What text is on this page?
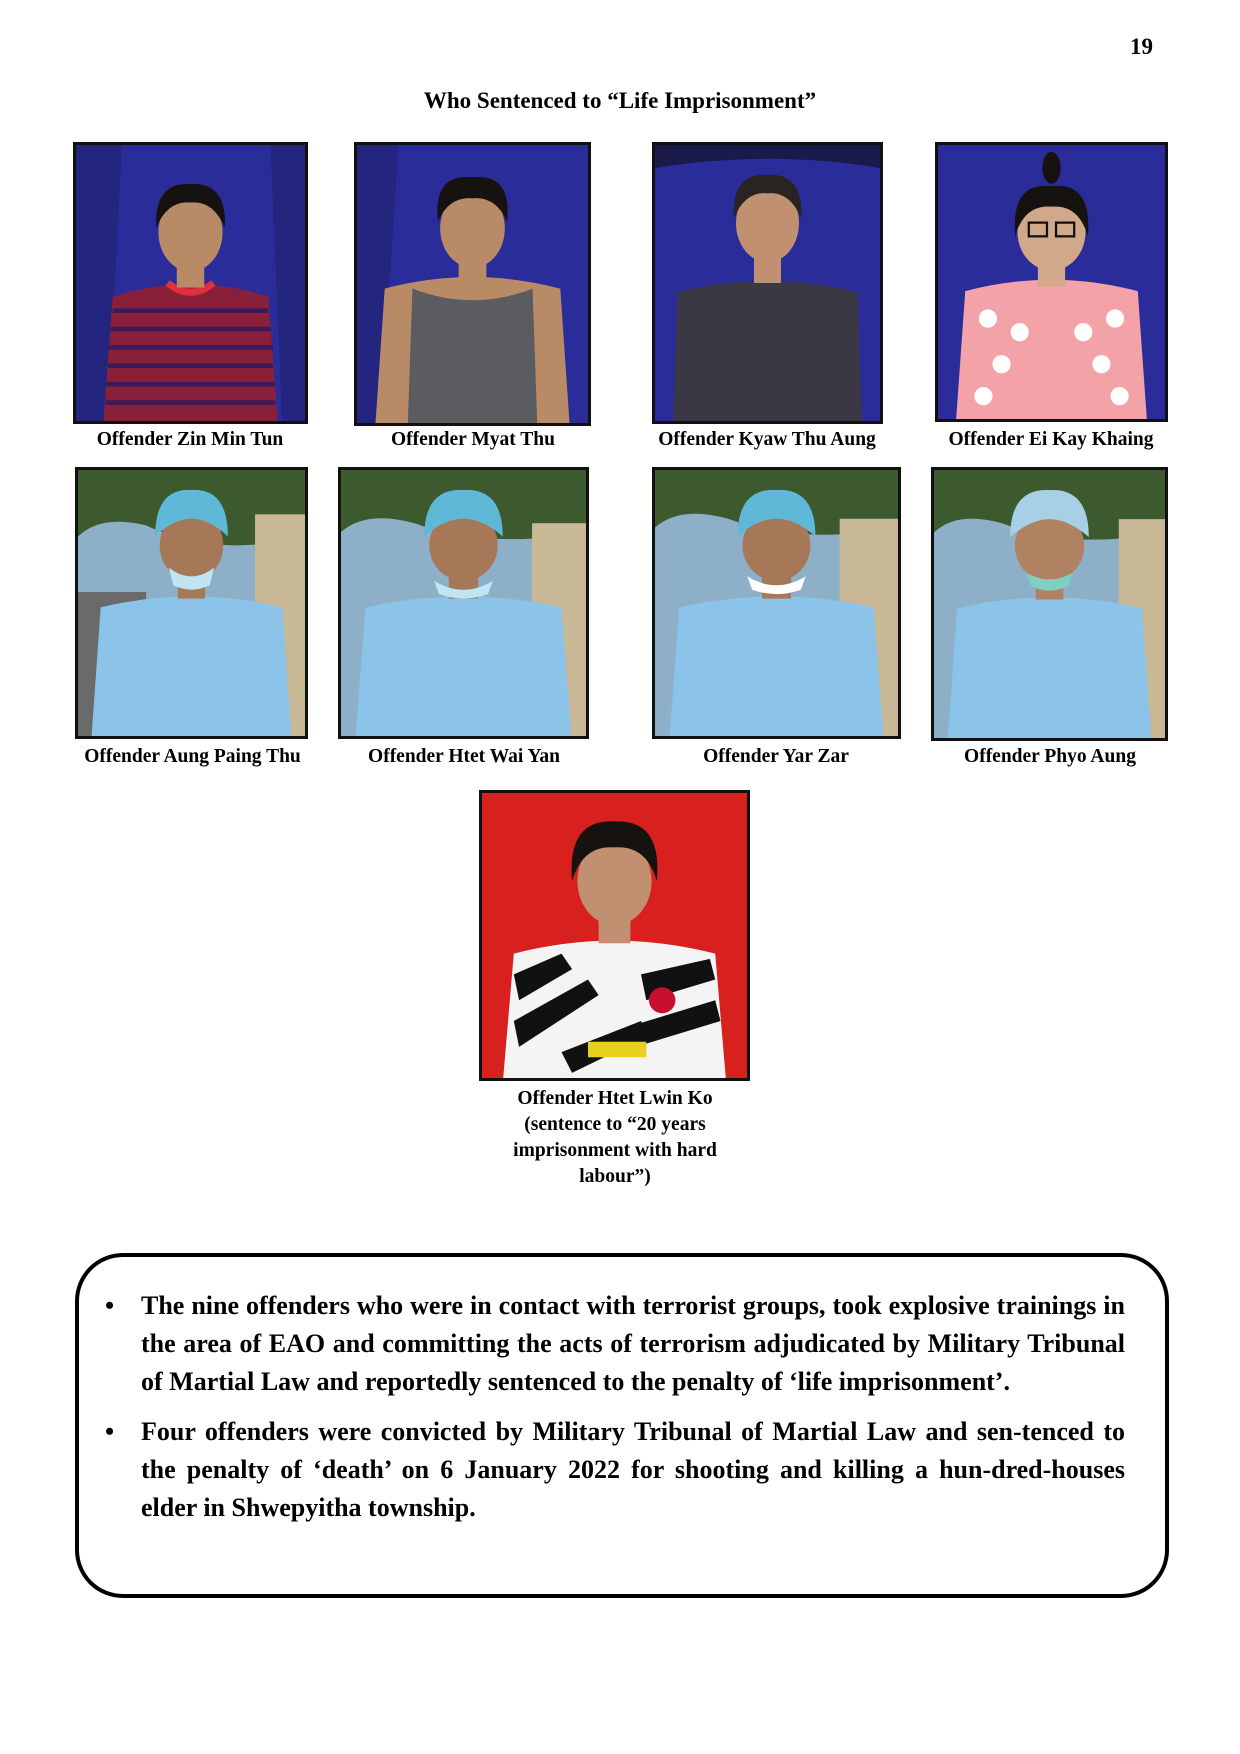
19
Who Sentenced to “Life Imprisonment”
Offender Zin Min Tun	Offender Myat Thu	Offender Kyaw Thu Aung	Offender Ei Kay Khaing
Offender Aung Paing Thu	Offender Htet Wai Yan	Offender Yar Zar	Offender Phyo Aung
Offender Htet Lwin Ko
(sentence to “20 years
imprisonment with hard
labour”)
• The nine offenders who were in contact with terrorist groups, took explosive trainings in the area of EAO and committing the acts of terrorism adjudicated by Military Tribunal of Martial Law and reportedly sentenced to the penalty of ‘life imprisonment’.
• Four offenders were convicted by Military Tribunal of Martial Law and sen-tenced to the penalty of ‘death’ on 6 January 2022 for shooting and killing a hun-dred-houses elder in Shwepyitha township.
